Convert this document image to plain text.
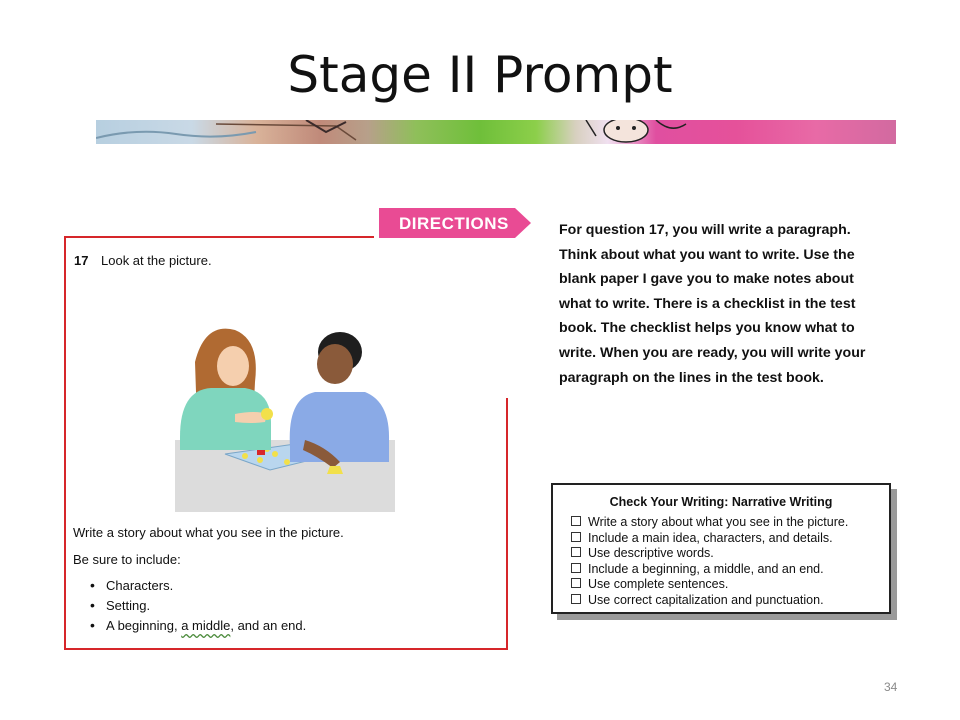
Stage II Prompt
DIRECTIONS
17 Look at the picture.
Write a story about what you see in the picture.
Be sure to include:
• Characters.
• Setting.
• A beginning, a middle, and an end.
For question 17, you will write a paragraph.
Think about what you want to write. Use the
blank paper I gave you to make notes about
what to write. There is a checklist in the test
book. The checklist helps you know what to
write. When you are ready, you will write your
paragraph on the lines in the test book.
Check Your Writing: Narrative Writing
Write a story about what you see in the picture.
Include a main idea, characters, and details.
Use descriptive words.
Include a beginning, a middle, and an end.
Use complete sentences.
Use correct capitalization and punctuation.
34
